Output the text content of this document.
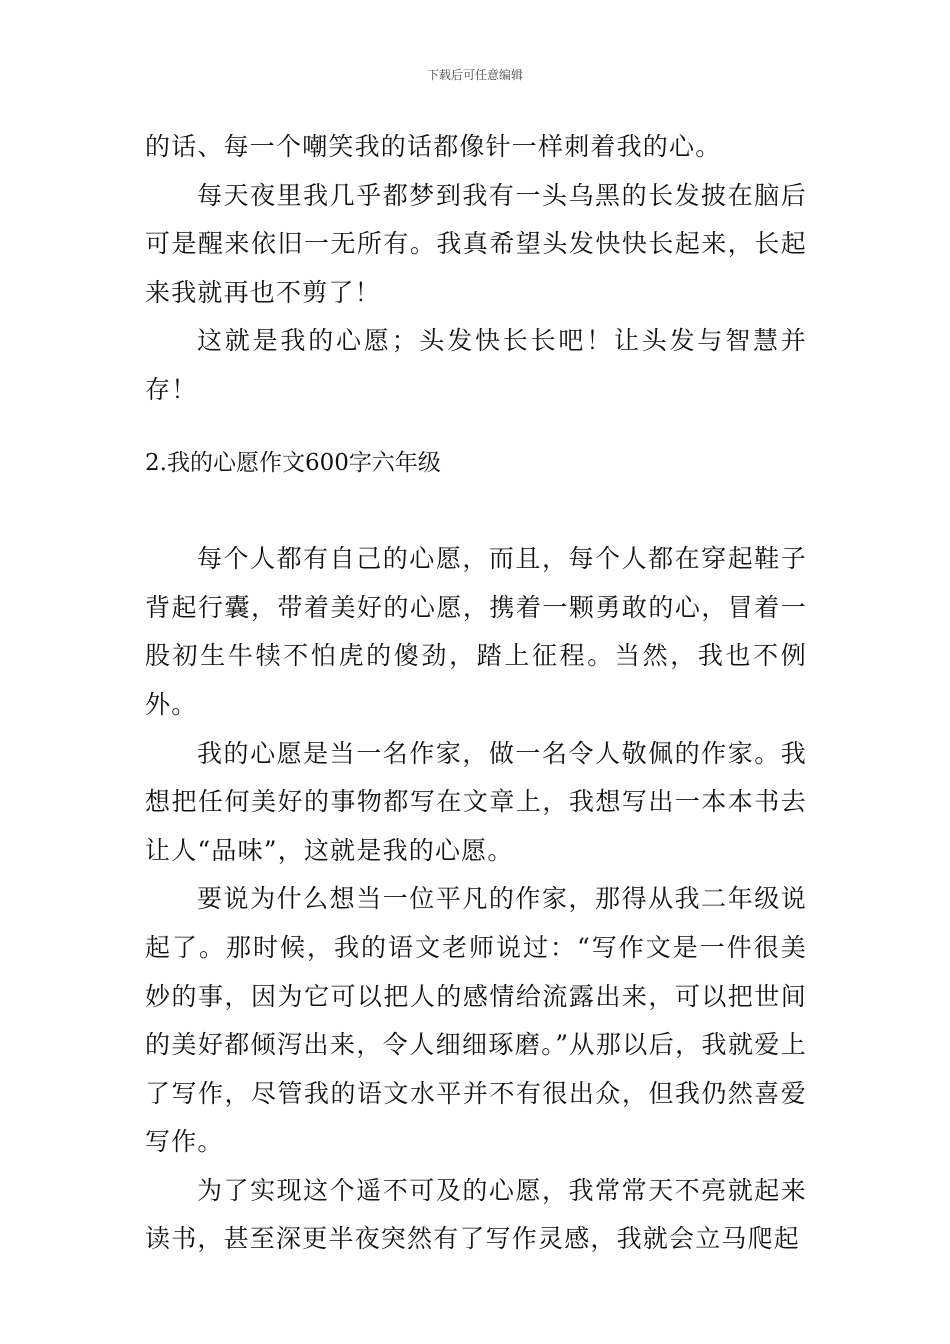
下载后可任意编辑

的话、每一个嘲笑我的话都像针一样刺着我的心。

每天夜里我几乎都梦到我有一头乌黑的长发披在脑后可是醒来依旧一无所有。我真希望头发快快长起来，长起来我就再也不剪了！

这就是我的心愿；头发快长长吧！让头发与智慧并存！

2.我的心愿作文600字六年级

每个人都有自己的心愿，而且，每个人都在穿起鞋子背起行囊，带着美好的心愿，携着一颗勇敢的心，冒着一股初生牛犊不怕虎的傻劲，踏上征程。当然，我也不例外。

我的心愿是当一名作家，做一名令人敬佩的作家。我想把任何美好的事物都写在文章上，我想写出一本本书去让人“品味”，这就是我的心愿。

要说为什么想当一位平凡的作家，那得从我二年级说起了。那时候，我的语文老师说过：“写作文是一件很美妙的事，因为它可以把人的感情给流露出来，可以把世间的美好都倾泻出来，令人细细琢磨。”从那以后，我就爱上了写作，尽管我的语文水平并不有很出众，但我仍然喜爱写作。

为了实现这个遥不可及的心愿，我常常天不亮就起来读书，甚至深更半夜突然有了写作灵感，我就会立马爬起
